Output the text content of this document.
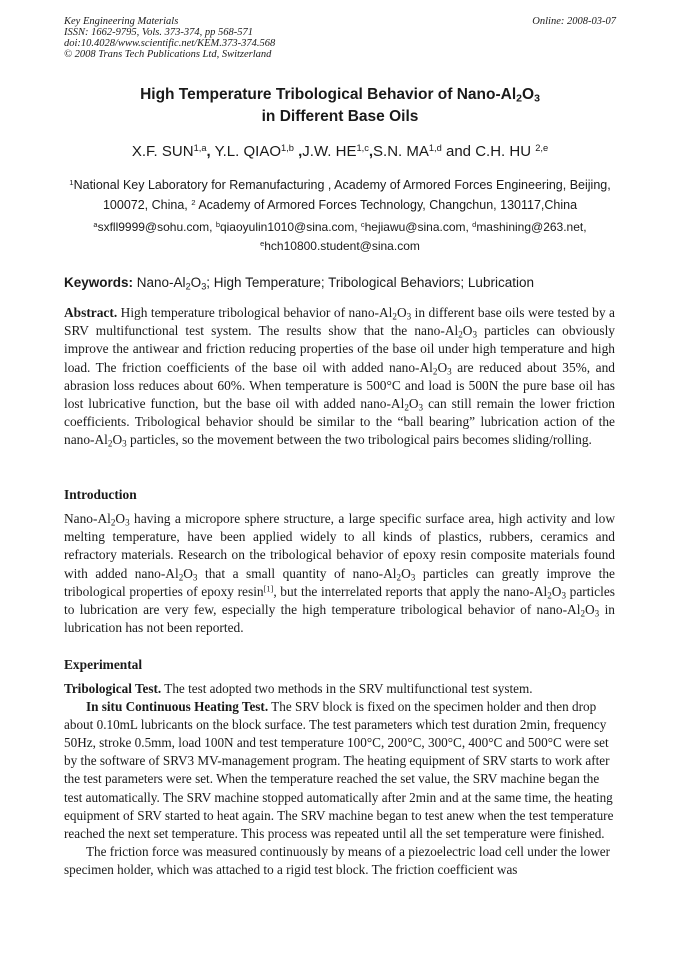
Key Engineering Materials
ISSN: 1662-9795, Vols. 373-374, pp 568-571
doi:10.4028/www.scientific.net/KEM.373-374.568
© 2008 Trans Tech Publications Ltd, Switzerland
Online: 2008-03-07
High Temperature Tribological Behavior of Nano-$Al_2O_3$
in Different Base Oils
X.F. SUN$^{1,a}$, Y.L. QIAO$^{1,b}$ ,J.W. HE$^{1,c}$,S.N. MA$^{1,d}$ and C.H. HU $^{2,e}$
$^1$National Key Laboratory for Remanufacturing , Academy of Armored Forces Engineering, Beijing, 100072, China, $^2$ Academy of Armored Forces Technology, Changchun, 130117,China
$^a$sxfll9999@sohu.com, $^b$qiaoyulin1010@sina.com, $^c$hejiawu@sina.com, $^d$mashining@263.net,
$^e$hch10800.student@sina.com
Keywords: Nano-$Al_2O_3$; High Temperature; Tribological Behaviors; Lubrication
Abstract. High temperature tribological behavior of nano-$Al_2O_3$ in different base oils were tested by a SRV multifunctional test system. The results show that the nano-$Al_2O_3$ particles can obviously improve the antiwear and friction reducing properties of the base oil under high temperature and high load. The friction coefficients of the base oil with added nano-$Al_2O_3$ are reduced about 35%, and abrasion loss reduces about 60%. When temperature is 500°C and load is 500N the pure base oil has lost lubricative function, but the base oil with added nano-$Al_2O_3$ can still remain the lower friction coefficients. Tribological behavior should be similar to the “ball bearing” lubrication action of the nano-$Al_2O_3$ particles, so the movement between the two tribological pairs becomes sliding/rolling.
Introduction
Nano-$Al_2O_3$ having a micropore sphere structure, a large specific surface area, high activity and low melting temperature, have been applied widely to all kinds of plastics, rubbers, ceramics and refractory materials. Research on the tribological behavior of epoxy resin composite materials found with added nano-$Al_2O_3$ that a small quantity of nano-$Al_2O_3$ particles can greatly improve the tribological properties of epoxy resin[1], but the interrelated reports that apply the nano-$Al_2O_3$ particles to lubrication are very few, especially the high temperature tribological behavior of nano-$Al_2O_3$ in lubrication has not been reported.
Experimental

Tribological Test. The test adopted two methods in the SRV multifunctional test system.

In situ Continuous Heating Test. The SRV block is fixed on the specimen holder and then drop about 0.10mL lubricants on the block surface. The test parameters which test duration 2min, frequency 50Hz, stroke 0.5mm, load 100N and test temperature 100°C, 200°C, 300°C, 400°C and 500°C were set by the software of SRV3 MV-management program. The heating equipment of SRV starts to work after the test parameters were set. When the temperature reached the set value, the SRV machine began the test automatically. The SRV machine stopped automatically after 2min and at the same time, the heating equipment of SRV started to heat again. The SRV machine began to test anew when the test temperature reached the next set temperature. This process was repeated until all the set temperature were finished.

The friction force was measured continuously by means of a piezoelectric load cell under the lower specimen holder, which was attached to a rigid test block. The friction coefficient was
